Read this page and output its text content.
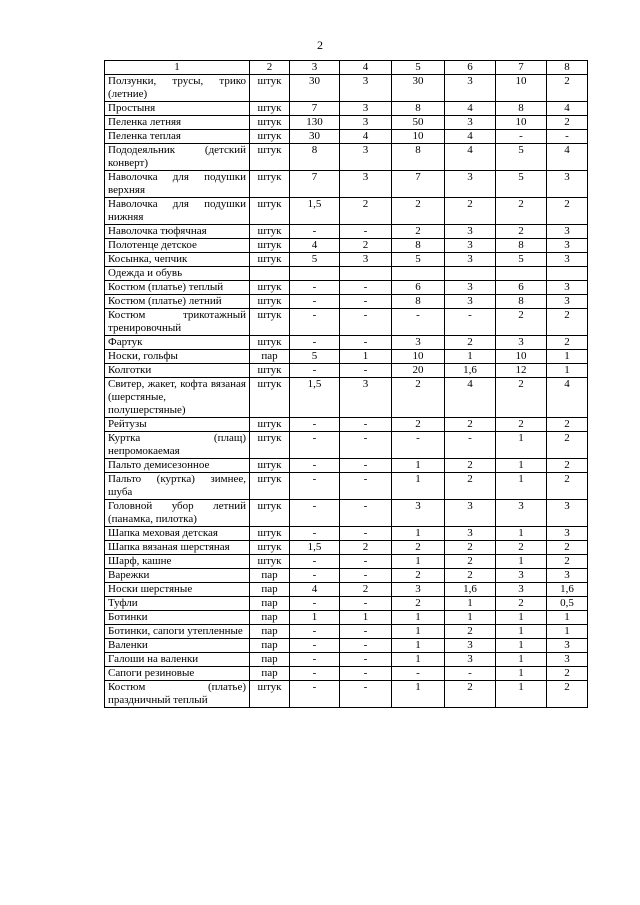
2
1	2	3	4	5	6	7	8
Ползунки, трусы, трико (летние)	штук	30	3	30	3	10	2
Простыня	штук	7	3	8	4	8	4
Пеленка летняя	штук	130	3	50	3	10	2
Пеленка теплая	штук	30	4	10	4	-	-
Пододеяльник (детский конверт)	штук	8	3	8	4	5	4
Наволочка для подушки верхняя	штук	7	3	7	3	5	3
Наволочка для подушки нижняя	штук	1,5	2	2	2	2	2
Наволочка тюфячная	штук	-	-	2	3	2	3
Полотенце детское	штук	4	2	8	3	8	3
Косынка, чепчик	штук	5	3	5	3	5	3
Одежда и обувь							
Костюм (платье) теплый	штук	-	-	6	3	6	3
Костюм (платье) летний	штук	-	-	8	3	8	3
Костюм трикотажный тренировочный	штук	-	-	-	-	2	2
Фартук	штук	-	-	3	2	3	2
Носки, гольфы	пар	5	1	10	1	10	1
Колготки	штук	-	-	20	1,6	12	1
Свитер, жакет, кофта вязаная (шерстяные, полушерстяные)	штук	1,5	3	2	4	2	4
Рейтузы	штук	-	-	2	2	2	2
Куртка (плащ) непромокаемая	штук	-	-	-	-	1	2
Пальто демисезонное	штук	-	-	1	2	1	2
Пальто (куртка) зимнее, шуба	штук	-	-	1	2	1	2
Головной убор летний (панамка, пилотка)	штук	-	-	3	3	3	3
Шапка меховая детская	штук	-	-	1	3	1	3
Шапка вязаная шерстяная	штук	1,5	2	2	2	2	2
Шарф, кашне	штук	-	-	1	2	1	2
Варежки	пар	-	-	2	2	3	3
Носки шерстяные	пар	4	2	3	1,6	3	1,6
Туфли	пар	-	-	2	1	2	0,5
Ботинки	пар	1	1	1	1	1	1
Ботинки, сапоги утепленные	пар	-	-	1	2	1	1
Валенки	пар	-	-	1	3	1	3
Галоши на валенки	пар	-	-	1	3	1	3
Сапоги резиновые	пар	-	-	-	-	1	2
Костюм (платье) праздничный теплый	штук	-	-	1	2	1	2
